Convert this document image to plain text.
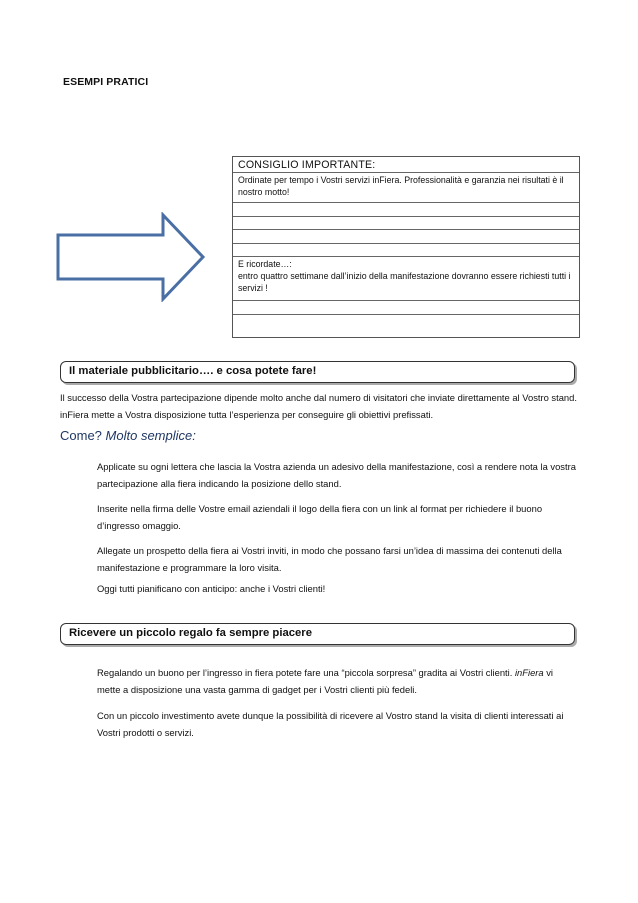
ESEMPI PRATICI
CONSIGLIO IMPORTANTE:
Ordinate per tempo i Vostri servizi inFiera. Professionalità e garanzia nei risultati è il nostro motto!
E ricordate…:
entro quattro settimane dall’inizio della manifestazione dovranno essere richiesti tutti i servizi !
Il materiale pubblicitario…. e cosa potete fare!
Il successo della Vostra partecipazione dipende molto anche dal numero di visitatori che inviate direttamente al Vostro stand. inFiera mette a Vostra disposizione tutta l’esperienza per conseguire gli obiettivi prefissati.
Come? Molto semplice:
Applicate su ogni lettera che lascia la Vostra azienda un adesivo della manifestazione, così a rendere nota la vostra partecipazione alla fiera indicando la posizione dello stand.
Inserite nella firma delle Vostre email aziendali il logo della fiera con un link al format per richiedere il buono d’ingresso omaggio.
Allegate un prospetto della fiera ai Vostri inviti, in modo che possano farsi un’idea di massima dei contenuti della manifestazione e programmare la loro visita.
Oggi tutti pianificano con anticipo: anche i Vostri clienti!
Ricevere un piccolo regalo fa sempre piacere
Regalando un buono per l’ingresso in fiera potete fare una “piccola sorpresa” gradita ai Vostri clienti. inFiera vi mette a disposizione una vasta gamma di gadget per i Vostri clienti più fedeli.
Con un piccolo investimento avete dunque la possibilità di ricevere al Vostro stand la visita di clienti interessati ai Vostri prodotti o servizi.
